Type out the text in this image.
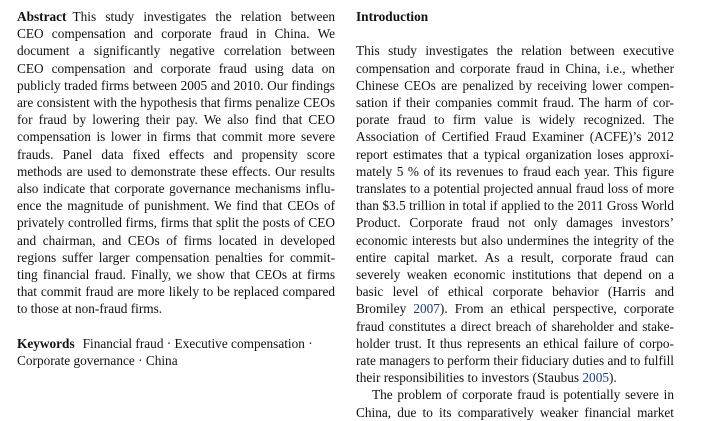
Abstract This study investigates the relation between
CEO compensation and corporate fraud in China. We
document a significantly negative correlation between
CEO compensation and corporate fraud using data on
publicly traded firms between 2005 and 2010. Our findings
are consistent with the hypothesis that firms penalize CEOs
for fraud by lowering their pay. We also find that CEO
compensation is lower in firms that commit more severe
frauds. Panel data fixed effects and propensity score
methods are used to demonstrate these effects. Our results
also indicate that corporate governance mechanisms influ-
ence the magnitude of punishment. We find that CEOs of
privately controlled firms, firms that split the posts of CEO
and chairman, and CEOs of firms located in developed
regions suffer larger compensation penalties for commit-
ting financial fraud. Finally, we show that CEOs at firms
that commit fraud are more likely to be replaced compared
to those at non-fraud firms.
Keywords Financial fraud · Executive compensation ·
Corporate governance · China
Introduction
This study investigates the relation between executive
compensation and corporate fraud in China, i.e., whether
Chinese CEOs are penalized by receiving lower compen-
sation if their companies commit fraud. The harm of cor-
porate fraud to firm value is widely recognized. The
Association of Certified Fraud Examiner (ACFE)’s 2012
report estimates that a typical organization loses approxi-
mately 5 % of its revenues to fraud each year. This figure
translates to a potential projected annual fraud loss of more
than $3.5 trillion in total if applied to the 2011 Gross World
Product. Corporate fraud not only damages investors’
economic interests but also undermines the integrity of the
entire capital market. As a result, corporate fraud can
severely weaken economic institutions that depend on a
basic level of ethical corporate behavior (Harris and
Bromiley 2007). From an ethical perspective, corporate
fraud constitutes a direct breach of shareholder and stake-
holder trust. It thus represents an ethical failure of corpo-
rate managers to perform their fiduciary duties and to fulfill
their responsibilities to investors (Staubus 2005).
The problem of corporate fraud is potentially severe in
China, due to its comparatively weaker financial market
